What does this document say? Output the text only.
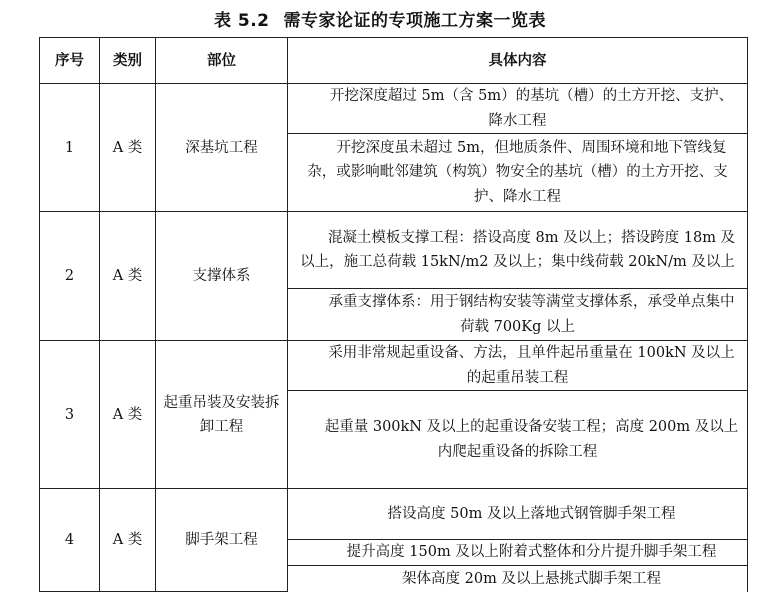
表 5.2 需专家论证的专项施工方案一览表
序号	类别	部位	具体内容
1	A 类	深基坑工程	开挖深度超过 5m（含 5m）的基坑（槽）的土方开挖、支护、降水工程
			开挖深度虽未超过 5m，但地质条件、周围环境和地下管线复杂，或影响毗邻建筑（构筑）物安全的基坑（槽）的土方开挖、支护、降水工程
2	A 类	支撑体系	混凝土模板支撑工程：搭设高度 8m 及以上；搭设跨度 18m 及以上，施工总荷载 15kN/m2 及以上；集中线荷载 20kN/m 及以上
			承重支撑体系：用于钢结构安装等满堂支撑体系，承受单点集中荷载 700Kg 以上
3	A 类	起重吊装及安装拆卸工程	采用非常规起重设备、方法，且单件起吊重量在 100kN 及以上的起重吊装工程
			起重量 300kN 及以上的起重设备安装工程；高度 200m 及以上内爬起重设备的拆除工程
4	A 类	脚手架工程	搭设高度 50m 及以上落地式钢管脚手架工程
			提升高度 150m 及以上附着式整体和分片提升脚手架工程
			架体高度 20m 及以上悬挑式脚手架工程
